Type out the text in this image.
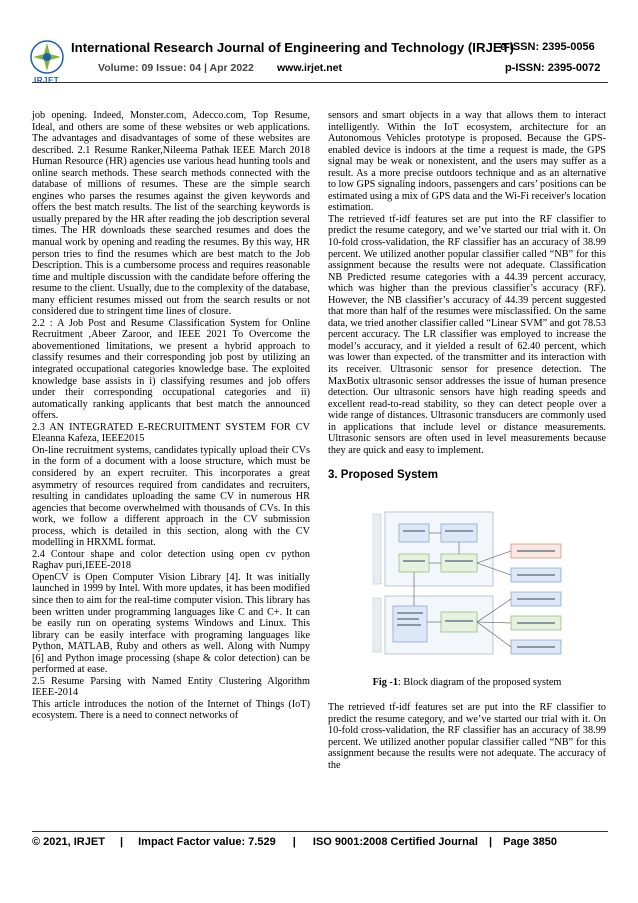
IRJET
International Research Journal of Engineering and Technology (IRJET)
e-ISSN: 2395-0056
Volume: 09 Issue: 04 | Apr 2022 www.irjet.net	p-ISSN: 2395-0072

job opening. Indeed, Monster.com, Adecco.com, Top Resume, Ideal, and others are some of these websites or web applications. The advantages and disadvantages of some of these websites are described. 2.1 Resume Ranker,Nileema Pathak IEEE March 2018 Human Resource (HR) agencies use various head hunting tools and online search methods. These search methods connected with the database of millions of resumes. These are the simple search engines who parses the resumes against the given keywords and offers the best match results. The list of the searching keywords is usually prepared by the HR after reading the job description several times. The HR downloads these searched resumes and does the manual work by opening and reading the resumes. By this way, HR person tries to find the resumes which are best match to the Job Description. This is a cumbersome process and requires reasonable time and multiple discussion with the candidate before offering the resume to the client. Usually, due to the complexity of the database, many efficient resumes missed out from the search results or not considered due to stringent time lines of closure.

2.2 : A Job Post and Resume Classification System for Online Recruitment ,Abeer Zaroor, and IEEE 2021 To Overcome the abovementioned limitations, we present a hybrid approach to classify resumes and their corresponding job post by utilizing an integrated occupational categories knowledge base. The exploited knowledge base assists in i) classifying resumes and job offers under their corresponding occupational categories and ii) automatically ranking applicants that best match the announced offers.

2.3 AN INTEGRATED E-RECRUITMENT SYSTEM FOR CV Eleanna Kafeza, IEEE2015

On-line recruitment systems, candidates typically upload their CVs in the form of a document with a loose structure, which must be considered by an expert recruiter. This incorporates a great asymmetry of resources required from candidates and recruiters, resulting in candidates uploading the same CV in numerous HR agencies that become overwhelmed with thousands of CVs. In this work, we follow a different approach in the CV submission process, which is detailed in this section, along with the CV modelling in HRXML format.

2.4 Contour shape and color detection using open cv python Raghav puri,IEEE-2018

OpenCV is Open Computer Vision Library [4]. It was initially launched in 1999 by Intel. With more updates, it has been modified since then to aim for the real-time computer vision. This library has been written under programming languages like C and C+. It can be easily run on operating systems Windows and Linux. This library can be easily interface with programing languages like Python, MATLAB, Ruby and others as well. Along with Numpy [6] and Python image processing (shape & color detection) can be performed at ease.

2.5 Resume Parsing with Named Entity Clustering Algorithm IEEE-2014

This article introduces the notion of the Internet of Things (IoT) ecosystem. There is a need to connect networks of

sensors and smart objects in a way that allows them to interact intelligently. Within the IoT ecosystem, architecture for an Autonomous Vehicles prototype is proposed. Because the GPS-enabled device is indoors at the time a request is made, the GPS signal may be weak or nonexistent, and the users may suffer as a result. As a more precise outdoors technique and as an alternative to low GPS signaling indoors, passengers and cars’ positions can be estimated using a mix of GPS data and the Wi-Fi receiver's location estimation.

The retrieved tf-idf features set are put into the RF classifier to predict the resume category, and we’ve started our trial with it. On 10-fold cross-validation, the RF classifier has an accuracy of 38.99 percent. We utilized another popular classifier called “NB” for this assignment because the results were not adequate. Classification NB Predicted resume categories with a 44.39 percent accuracy, which was higher than the previous classifier’s accuracy (RF). However, the NB classifier’s accuracy of 44.39 percent suggested that more than half of the resumes were misclassified. On the same data, we tried another classifier called “Linear SVM” and got 78.53 percent accuracy. The LR classifier was employed to increase the model’s accuracy, and it yielded a result of 62.40 percent, which was lower than expected. of the transmitter and its interaction with its receiver. Ultrasonic sensor for presence detection. The MaxBotix ultrasonic sensor addresses the issue of human presence detection. Our ultrasonic sensors have high reading speeds and excellent read-to-read stability, so they can detect people over a wide range of distances. Ultrasonic transducers are commonly used in applications that include level or distance measurements. Ultrasonic sensors are often used in level measurements because they are quick and easy to implement.

3. Proposed System

Fig -1: Block diagram of the proposed system

The retrieved tf-idf features set are put into the RF classifier to predict the resume category, and we’ve started our trial with it. On 10-fold cross-validation, the RF classifier has an accuracy of 38.99 percent. We utilized another popular classifier called “NB” for this assignment because the results were not adequate. The accuracy of the

© 2021, IRJET | Impact Factor value: 7.529 | ISO 9001:2008 Certified Journal | Page 3850
